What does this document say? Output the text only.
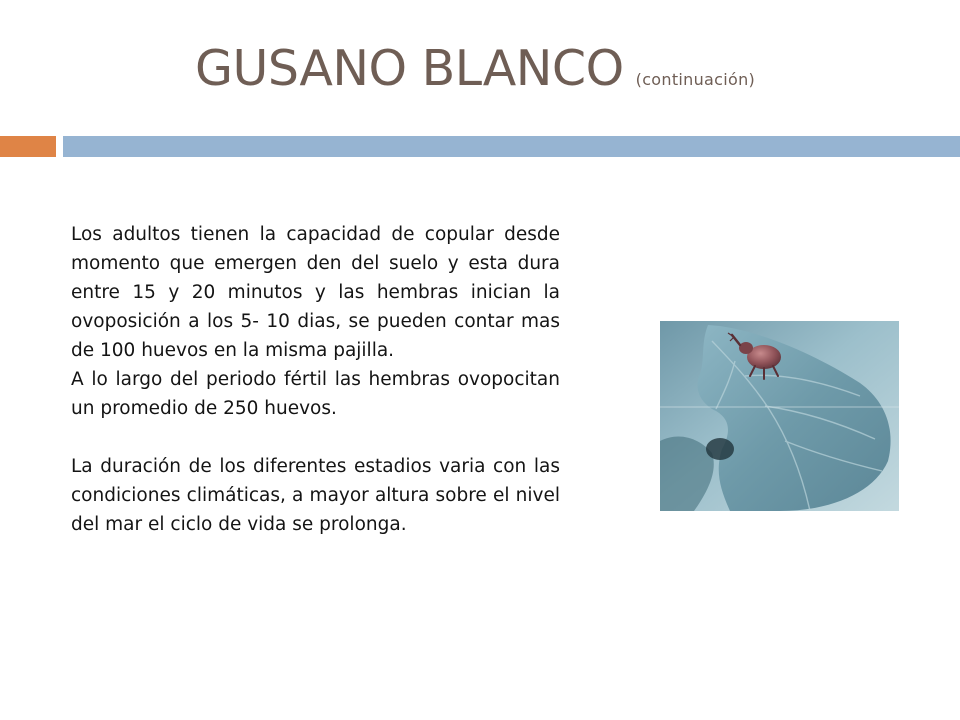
GUSANO BLANCO (continuación)

Los adultos tienen la capacidad de copular desde momento que emergen den del suelo y esta dura entre 15 y 20 minutos y las hembras inician la ovoposición a los 5- 10 dias, se pueden contar mas de 100 huevos en la misma pajilla.

A lo largo del periodo fértil las hembras ovopocitan un promedio de 250 huevos.

La duración de los diferentes estadios varia con las condiciones climáticas, a mayor altura sobre el nivel del mar el ciclo de vida se prolonga.
